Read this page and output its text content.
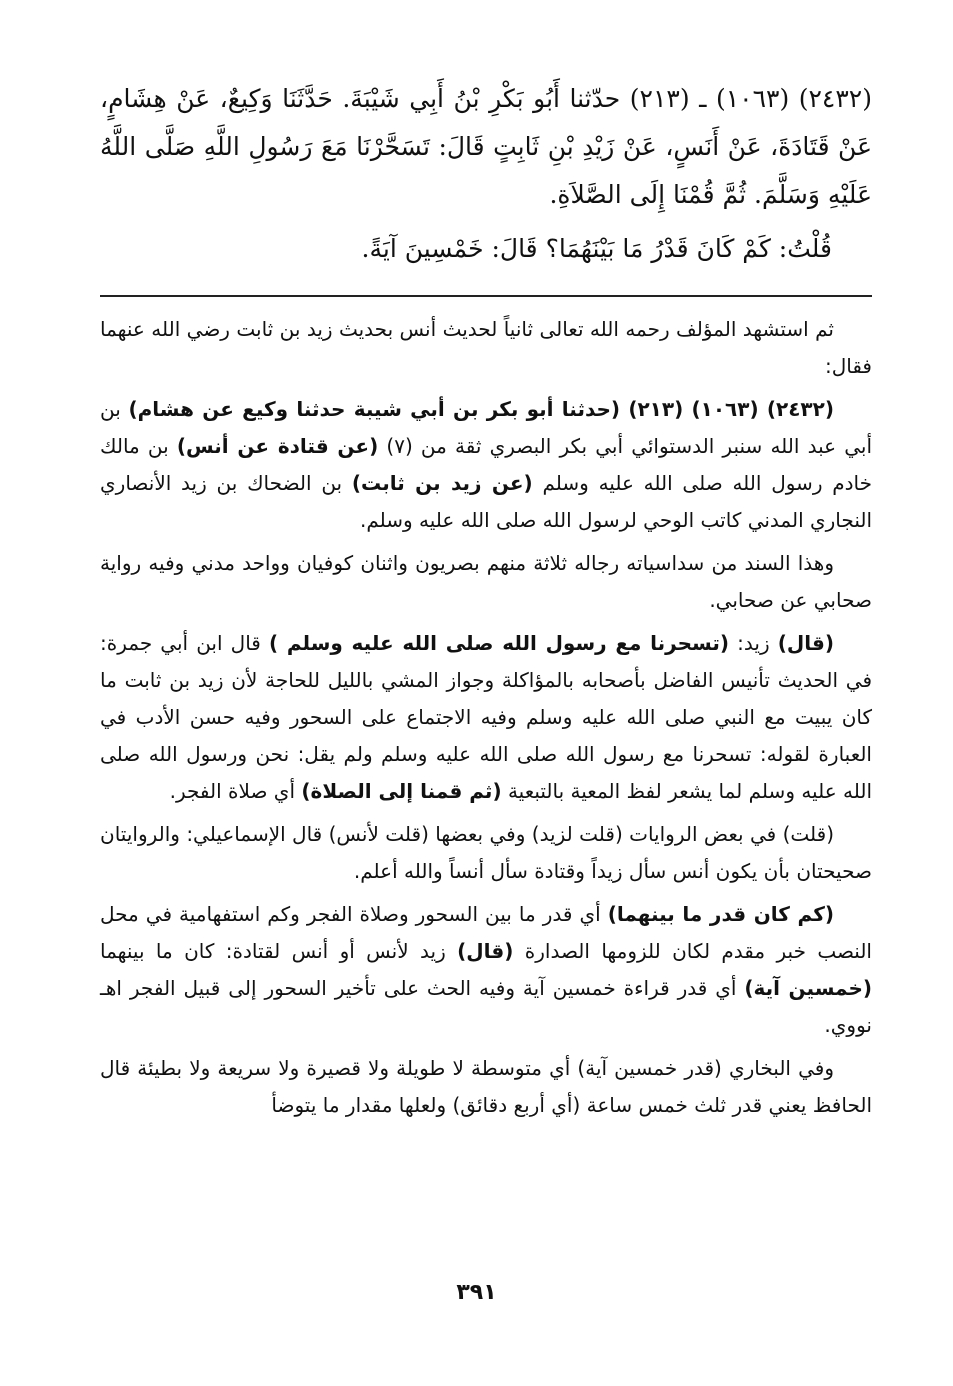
(٢٤٣٢) (١٠٦٣) ـ (٢١٣) حدّثنا أَبُو بَكْرِ بْنُ أَبِي شَيْبَةَ. حَدَّثَنَا وَكِيعٌ، عَنْ هِشَامٍ، عَنْ قَتَادَةَ، عَنْ أَنَسٍ، عَنْ زَيْدِ بْنِ ثَابِتٍ قَالَ: تَسَحَّرْنَا مَعَ رَسُولِ اللَّهِ صَلَّى اللَّهُ عَلَيْهِ وَسَلَّمَ. ثُمَّ قُمْنَا إِلَى الصَّلاَةِ.

قُلْتُ: كَمْ كَانَ قَدْرُ مَا بَيْنَهُمَا؟ قَالَ: خَمْسِينَ آيَةً.

ثم استشهد المؤلف رحمه الله تعالى ثانياً لحديث أنس بحديث زيد بن ثابت رضي الله عنهما فقال:

(٢٤٣٢) (١٠٦٣) (٢١٣) (حدثنا أبو بكر بن أبي شيبة حدثنا وكيع عن هشام) بن أبي عبد الله سنبر الدستوائي أبي بكر البصري ثقة من (٧) (عن قتادة عن أنس) بن مالك خادم رسول الله صلى الله عليه وسلم (عن زيد بن ثابت) بن الضحاك بن زيد الأنصاري النجاري المدني كاتب الوحي لرسول الله صلى الله عليه وسلم.

وهذا السند من سداسياته رجاله ثلاثة منهم بصريون واثنان كوفيان وواحد مدني وفيه رواية صحابي عن صحابي.

(قال) زيد: (تسحرنا مع رسول الله صلى الله عليه وسلم ) قال ابن أبي جمرة: في الحديث تأنيس الفاضل بأصحابه بالمؤاكلة وجواز المشي بالليل للحاجة لأن زيد بن ثابت ما كان يبيت مع النبي صلى الله عليه وسلم وفيه الاجتماع على السحور وفيه حسن الأدب في العبارة لقوله: تسحرنا مع رسول الله صلى الله عليه وسلم ولم يقل: نحن ورسول الله صلى الله عليه وسلم لما يشعر لفظ المعية بالتبعية (ثم قمنا إلى الصلاة) أي صلاة الفجر.

(قلت) في بعض الروايات (قلت لزيد) وفي بعضها (قلت لأنس) قال الإسماعيلي: والروايتان صحيحتان بأن يكون أنس سأل زيداً وقتادة سأل أنساً والله أعلم.

(كم كان قدر ما بينهما) أي قدر ما بين السحور وصلاة الفجر وكم استفهامية في محل النصب خبر مقدم لكان للزومها الصدارة (قال) زيد لأنس أو أنس لقتادة: كان ما بينهما (خمسين آية) أي قدر قراءة خمسين آية وفيه الحث على تأخير السحور إلى قبيل الفجر اهـ نووي.

وفي البخاري (قدر خمسين آية) أي متوسطة لا طويلة ولا قصيرة ولا سريعة ولا بطيئة قال الحافظ يعني قدر ثلث خمس ساعة (أي أربع دقائق) ولعلها مقدار ما يتوضأ

٣٩١
